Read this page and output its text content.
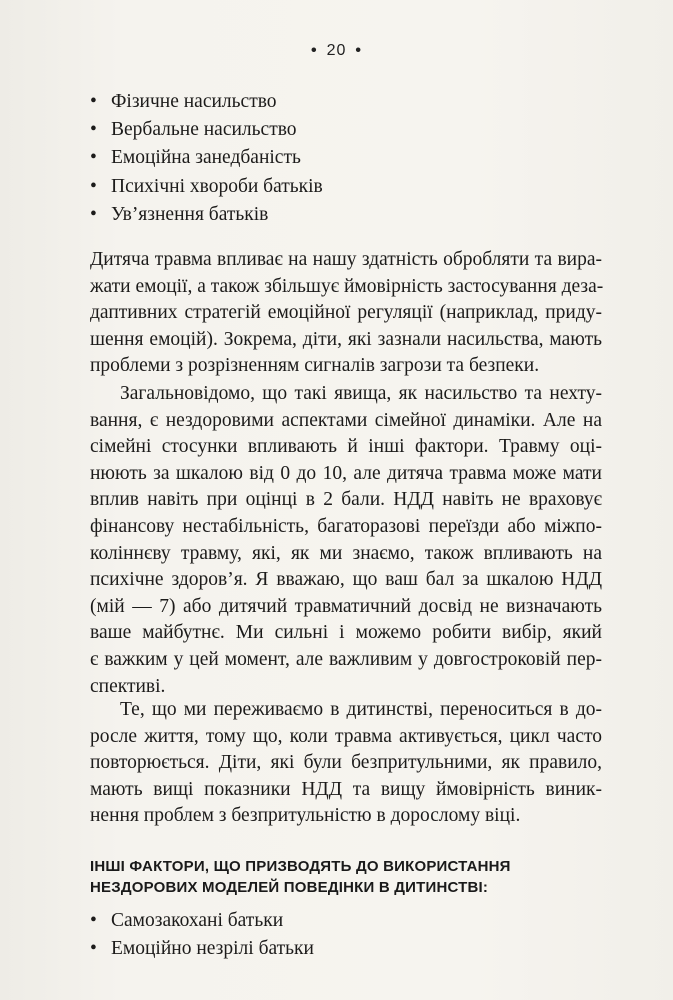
• 20 •
• Фізичне насильство
• Вербальне насильство
• Емоційна занедбаність
• Психічні хвороби батьків
• Ув’язнення батьків
Дитяча травма впливає на нашу здатність обробляти та вира-
жати емоції, а також збільшує ймовірність застосування деза-
даптивних стратегій емоційної регуляції (наприклад, приду-
шення емоцій). Зокрема, діти, які зазнали насильства, мають
проблеми з розрізненням сигналів загрози та безпеки.
Загальновідомо, що такі явища, як насильство та нехту-
вання, є нездоровими аспектами сімейної динаміки. Але на
сімейні стосунки впливають й інші фактори. Травму оці-
нюють за шкалою від 0 до 10, але дитяча травма може мати
вплив навіть при оцінці в 2 бали. НДД навіть не враховує
фінансову нестабільність, багаторазові переїзди або міжпо-
коліннєву травму, які, як ми знаємо, також впливають на
психічне здоров’я. Я вважаю, що ваш бал за шкалою НДД
(мій — 7) або дитячий травматичний досвід не визначають
ваше майбутнє. Ми сильні і можемо робити вибір, який
є важким у цей момент, але важливим у довгостроковій пер-
спективі.
Те, що ми переживаємо в дитинстві, переноситься в до-
росле життя, тому що, коли травма активується, цикл часто
повторюється. Діти, які були безпритульними, як правило,
мають вищі показники НДД та вищу ймовірність виник-
нення проблем з безпритульністю в дорослому віці.
ІНШІ ФАКТОРИ, ЩО ПРИЗВОДЯТЬ ДО ВИКОРИСТАННЯ
НЕЗДОРОВИХ МОДЕЛЕЙ ПОВЕДІНКИ В ДИТИНСТВІ:
• Самозакохані батьки
• Емоційно незрілі батьки
